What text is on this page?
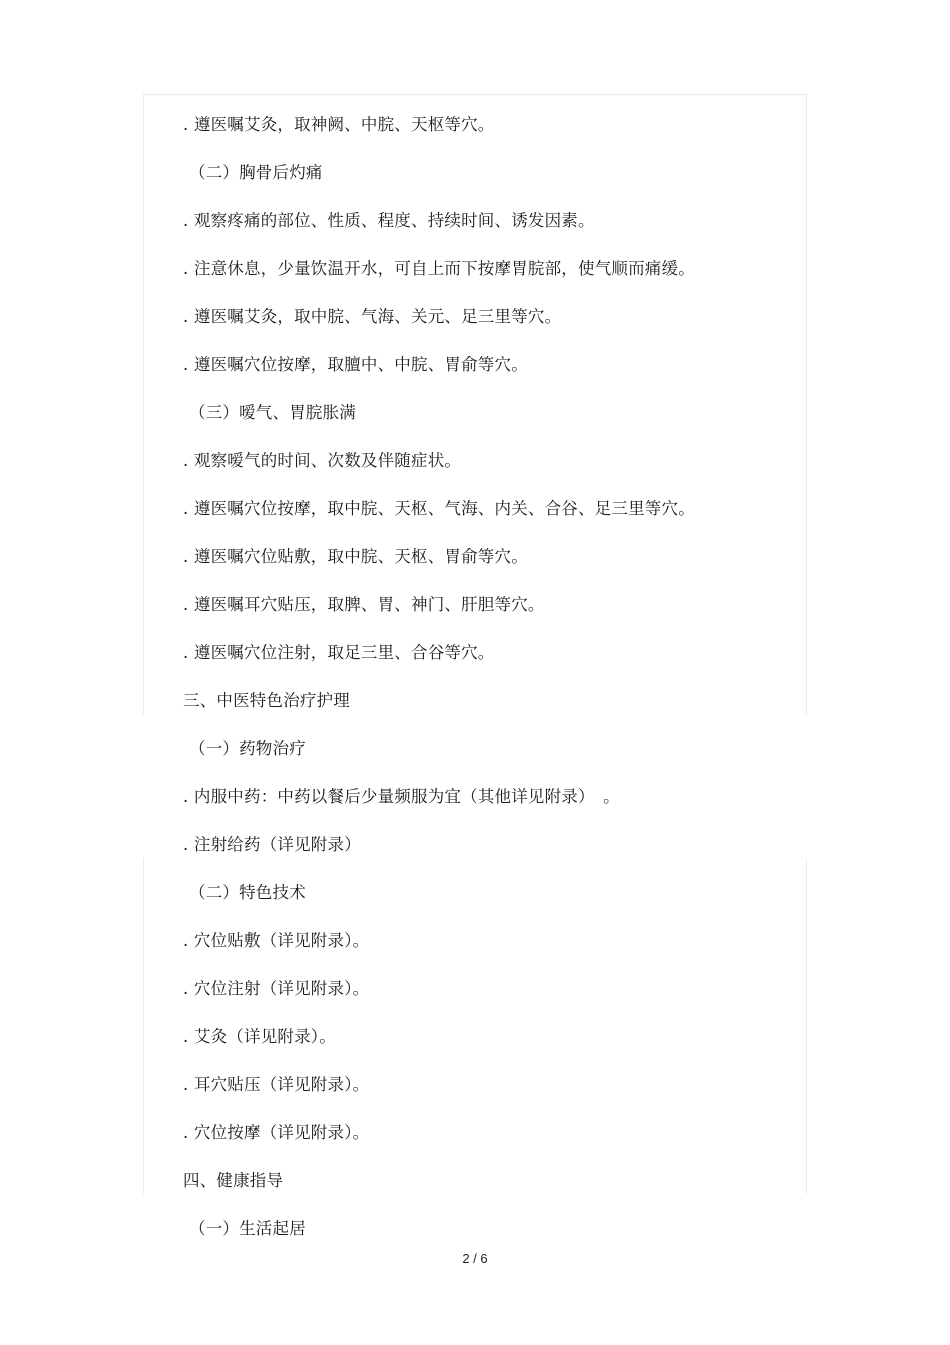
. 遵医嘱艾灸，取神阙、中脘、天枢等穴。
（二）胸骨后灼痛
. 观察疼痛的部位、性质、程度、持续时间、诱发因素。
. 注意休息，少量饮温开水，可自上而下按摩胃脘部，使气顺而痛缓。
. 遵医嘱艾灸，取中脘、气海、关元、足三里等穴。
. 遵医嘱穴位按摩，取膻中、中脘、胃俞等穴。
（三）嗳气、胃脘胀满
. 观察嗳气的时间、次数及伴随症状。
. 遵医嘱穴位按摩，取中脘、天枢、气海、内关、合谷、足三里等穴。
. 遵医嘱穴位贴敷，取中脘、天枢、胃俞等穴。
. 遵医嘱耳穴贴压，取脾、胃、神门、肝胆等穴。
. 遵医嘱穴位注射，取足三里、合谷等穴。
三、中医特色治疗护理
（一）药物治疗
. 内服中药：中药以餐后少量频服为宜（其他详见附录）　。
. 注射给药（详见附录）
（二）特色技术
. 穴位贴敷（详见附录）。
. 穴位注射（详见附录）。
. 艾灸（详见附录）。
. 耳穴贴压（详见附录）。
. 穴位按摩（详见附录）。
四、健康指导
（一）生活起居
2 / 6
